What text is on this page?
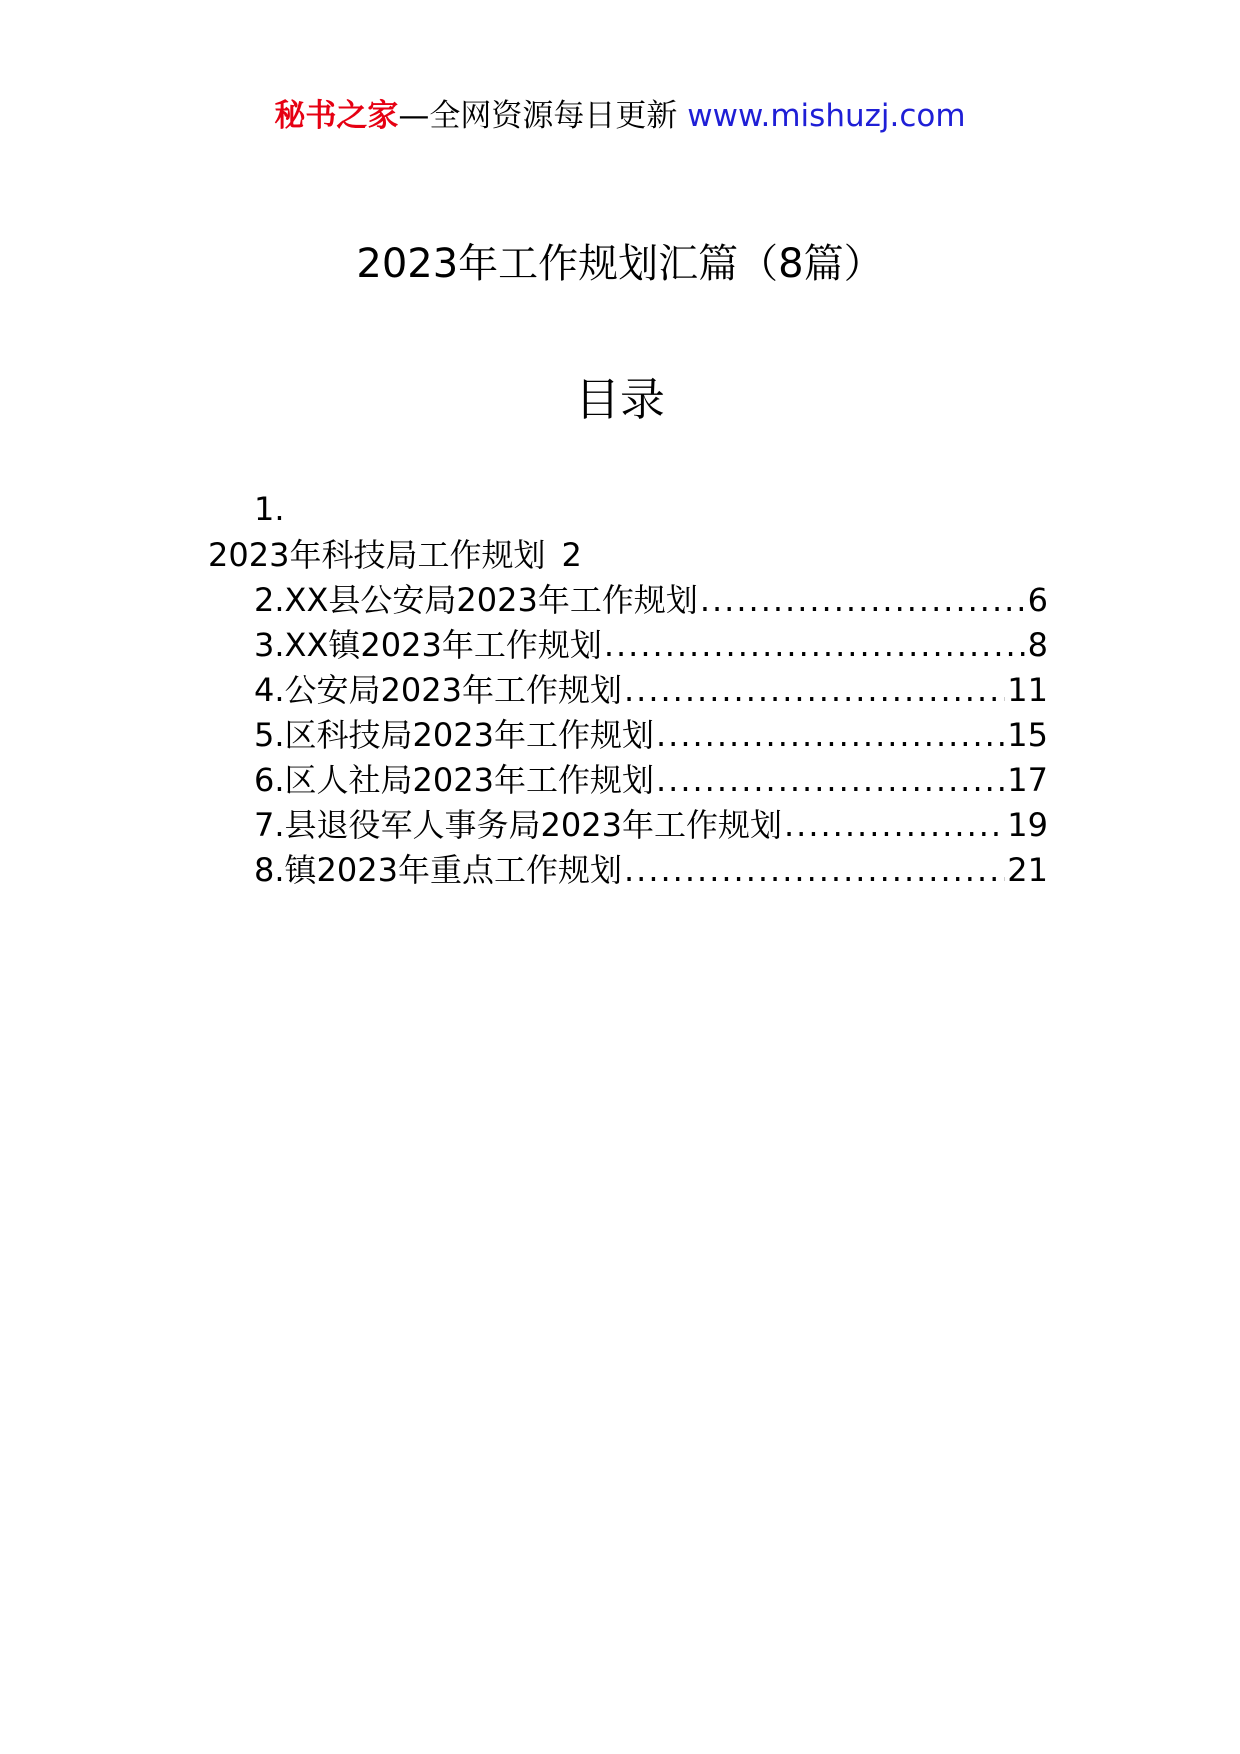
秘书之家—全网资源每日更新 www.mishuzj.com
2023年工作规划汇篇（8篇）
目录
1.
2023年科技局工作规划 2
2.XX县公安局2023年工作规划 .....	6
3.XX镇2023年工作规划 .....	8
4.公安局2023年工作规划 .....	11
5.区科技局2023年工作规划 .....	15
6.区人社局2023年工作规划 .....	17
7.县退役军人事务局2023年工作规划 .....	19
8.镇2023年重点工作规划 .....	21
